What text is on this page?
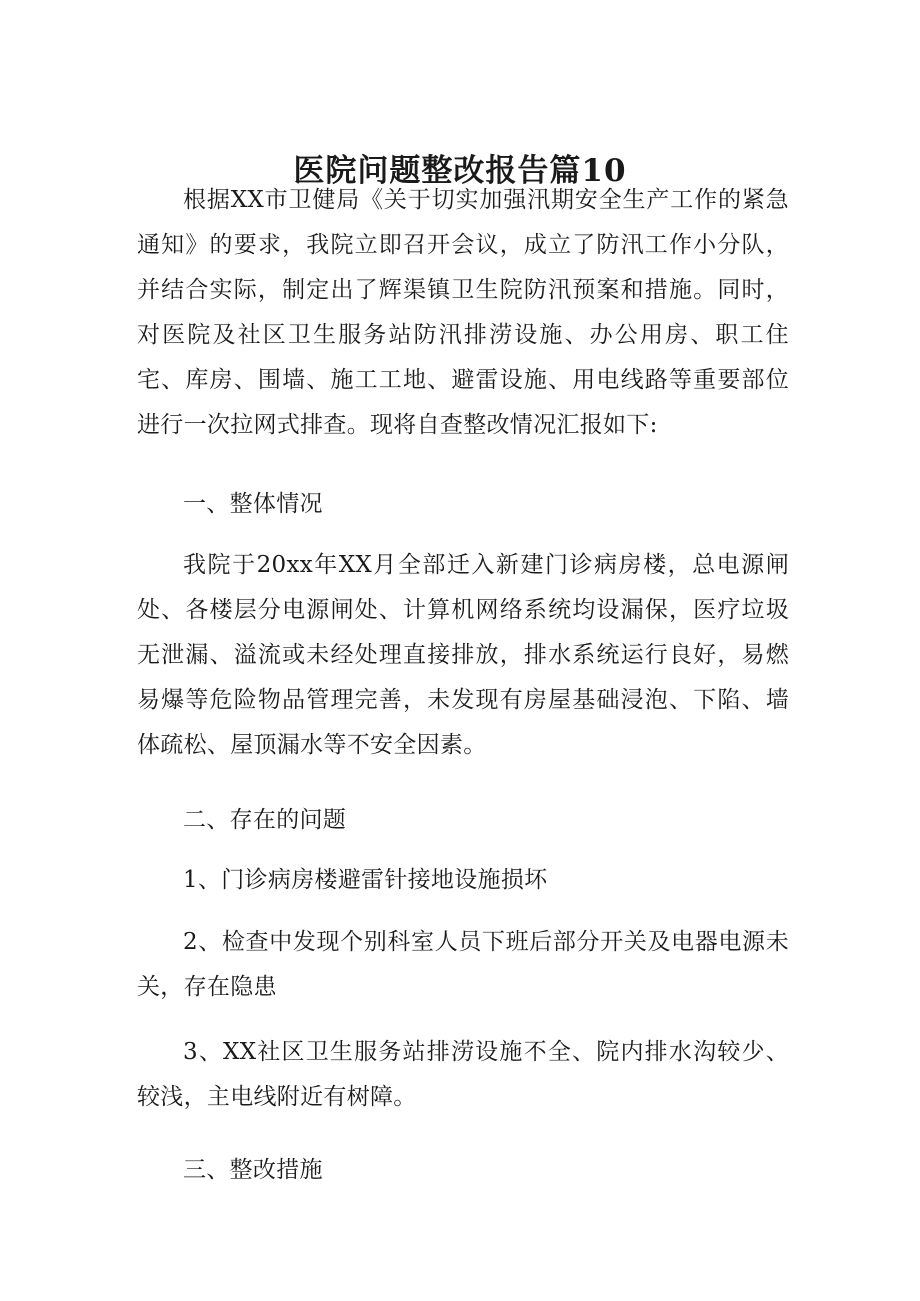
医院问题整改报告篇10

根据XX市卫健局《关于切实加强汛期安全生产工作的紧急通知》的要求，我院立即召开会议，成立了防汛工作小分队，并结合实际，制定出了辉渠镇卫生院防汛预案和措施。同时，对医院及社区卫生服务站防汛排涝设施、办公用房、职工住宅、库房、围墙、施工工地、避雷设施、用电线路等重要部位进行一次拉网式排查。现将自查整改情况汇报如下:

一、整体情况

我院于20xx年XX月全部迁入新建门诊病房楼，总电源闸处、各楼层分电源闸处、计算机网络系统均设漏保，医疗垃圾无泄漏、溢流或未经处理直接排放，排水系统运行良好，易燃易爆等危险物品管理完善，未发现有房屋基础浸泡、下陷、墙体疏松、屋顶漏水等不安全因素。

二、存在的问题

1、门诊病房楼避雷针接地设施损坏

2、检查中发现个别科室人员下班后部分开关及电器电源未关，存在隐患

3、XX社区卫生服务站排涝设施不全、院内排水沟较少、较浅，主电线附近有树障。

三、整改措施
